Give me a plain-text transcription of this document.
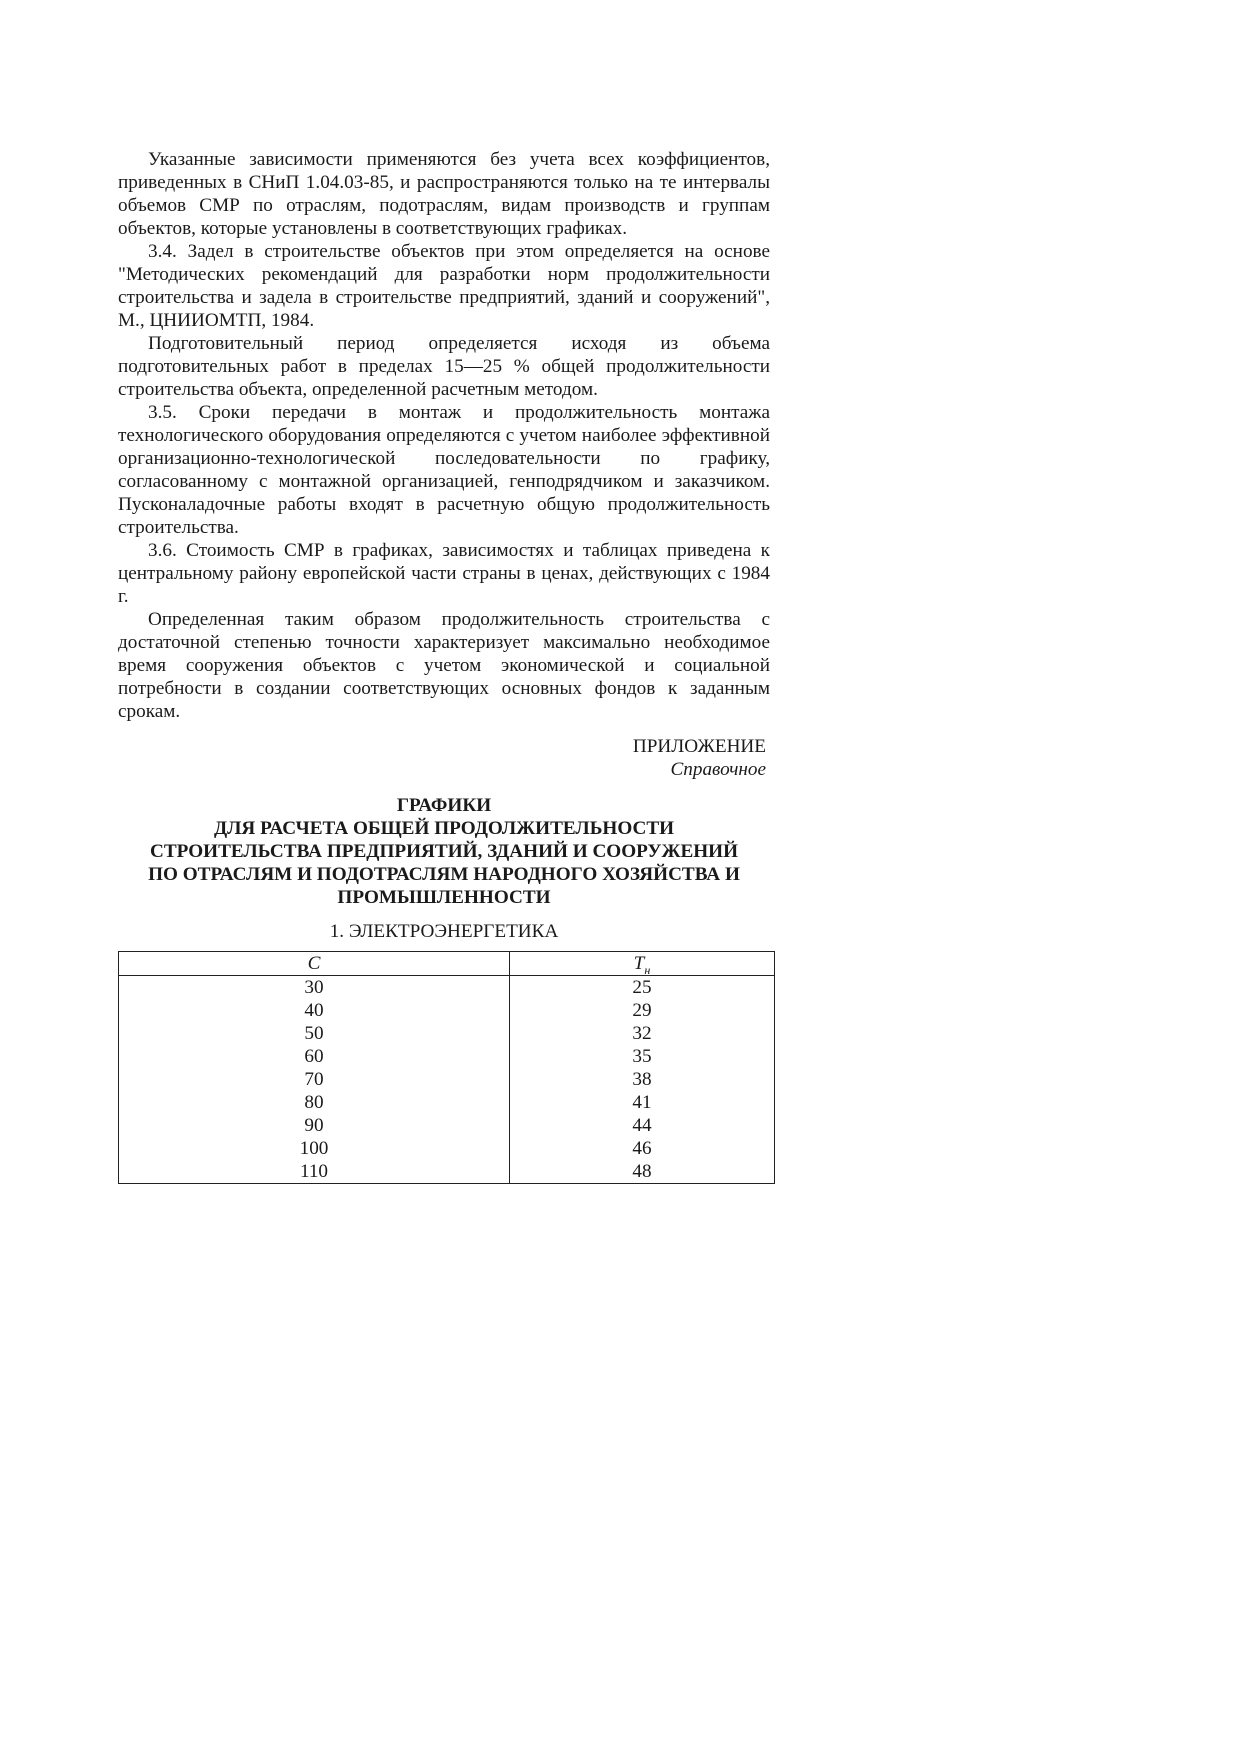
Указанные зависимости применяются без учета всех коэффициентов, приведенных в СНиП 1.04.03-85, и распространяются только на те интервалы объемов СМР по отраслям, подотраслям, видам производств и группам объектов, которые установлены в соответствующих графиках.

3.4. Задел в строительстве объектов при этом определяется на основе "Методических рекомендаций для разработки норм продолжительности строительства и задела в строительстве предприятий, зданий и сооружений", М., ЦНИИОМТП, 1984.

Подготовительный период определяется исходя из объема подготовительных работ в пределах 15—25 % общей продолжительности строительства объекта, определенной расчетным методом.

3.5. Сроки передачи в монтаж и продолжительность монтажа технологического оборудования определяются с учетом наиболее эффективной организационно-технологической последовательности по графику, согласованному с монтажной организацией, генподрядчиком и заказчиком. Пусконаладочные работы входят в расчетную общую продолжительность строительства.

3.6. Стоимость СМР в графиках, зависимостях и таблицах приведена к центральному району европейской части страны в ценах, действующих с 1984 г.

Определенная таким образом продолжительность строительства с достаточной степенью точности характеризует максимально необходимое время сооружения объектов с учетом экономической и социальной потребности в создании соответствующих основных фондов к заданным срокам.

ПРИЛОЖЕНИЕ
Справочное
ГРАФИКИ
ДЛЯ РАСЧЕТА ОБЩЕЙ ПРОДОЛЖИТЕЛЬНОСТИ
СТРОИТЕЛЬСТВА ПРЕДПРИЯТИЙ, ЗДАНИЙ И СООРУЖЕНИЙ
ПО ОТРАСЛЯМ И ПОДОТРАСЛЯМ НАРОДНОГО ХОЗЯЙСТВА И
ПРОМЫШЛЕННОСТИ
1. ЭЛЕКТРОЭНЕРГЕТИКА
С	$Т_н$
30	25
40	29
50	32
60	35
70	38
80	41
90	44
100	46
110	48
